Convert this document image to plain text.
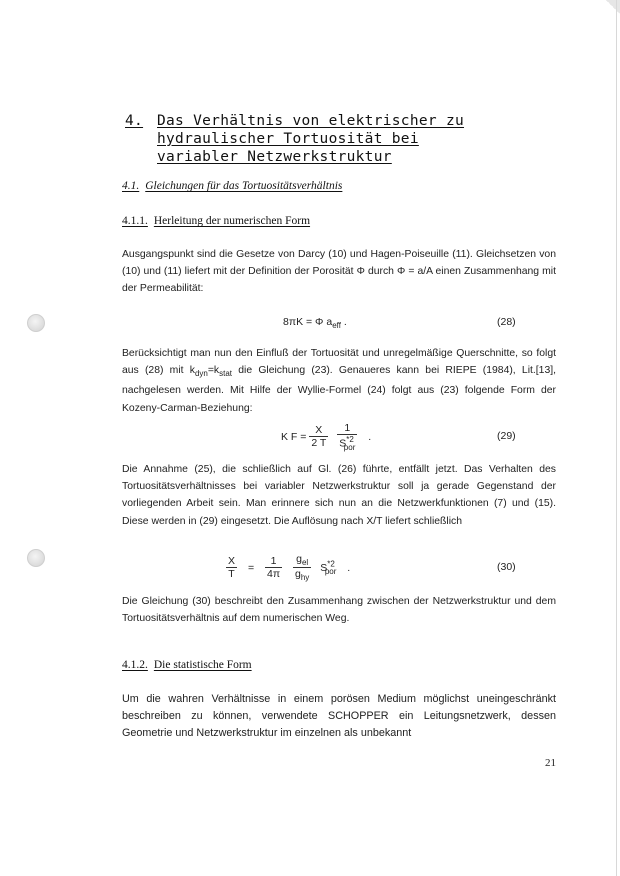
4. Das Verhältnis von elektrischer zu
hydraulischer Tortuosität bei
variabler Netzwerkstruktur
4.1. Gleichungen für das Tortuositätsverhältnis
4.1.1. Herleitung der numerischen Form
Ausgangspunkt sind die Gesetze von Darcy (10) und Hagen-Poiseuille (11). Gleichsetzen von (10) und (11) liefert mit der Definition der Porosität Φ durch Φ = a/A einen Zusammenhang mit der Permeabilität:
8πK = Φ $a_{eff}$ .	(28)
Berücksichtigt man nun den Einfluß der Tortuosität und unregelmäßige Querschnitte, so folgt aus (28) mit $k_{dyn}=k_{stat}$ die Gleichung (23). Genaueres kann bei RIEPE (1984), Lit.[13], nachgelesen werden. Mit Hilfe der Wyllie-Formel (24) folgt aus (23) folgende Form der Kozeny-Carman-Beziehung:
K $F = \frac{X}{2 T}$
$\frac{1}{S^{*2}_{por}}$ .	(29)
Die Annahme (25), die schließlich auf Gl. (26) führte, entfällt jetzt. Das Verhalten des Tortuositätsverhältnisses bei variabler Netzwerkstruktur soll ja gerade Gegenstand der vorliegenden Arbeit sein. Man erinnere sich nun an die Netzwerkfunktionen (7) und (15). Diese werden in (29) eingesetzt. Die Auflösung nach X/T liefert schließlich
$\frac{X}{T} = \frac{1}{4\pi}$
$\frac{g_{el}}{g_{hy}} S^{*2}_{por}$ .	(30)
Die Gleichung (30) beschreibt den Zusammenhang zwischen der Netzwerkstruktur und dem Tortuositätsverhältnis auf dem numerischen Weg.
4.1.2. Die statistische Form
Um die wahren Verhältnisse in einem porösen Medium möglichst uneingeschränkt beschreiben zu können, verwendete SCHOPPER ein Leitungsnetzwerk, dessen Geometrie und Netzwerkstruktur im einzelnen als unbekannt
21
